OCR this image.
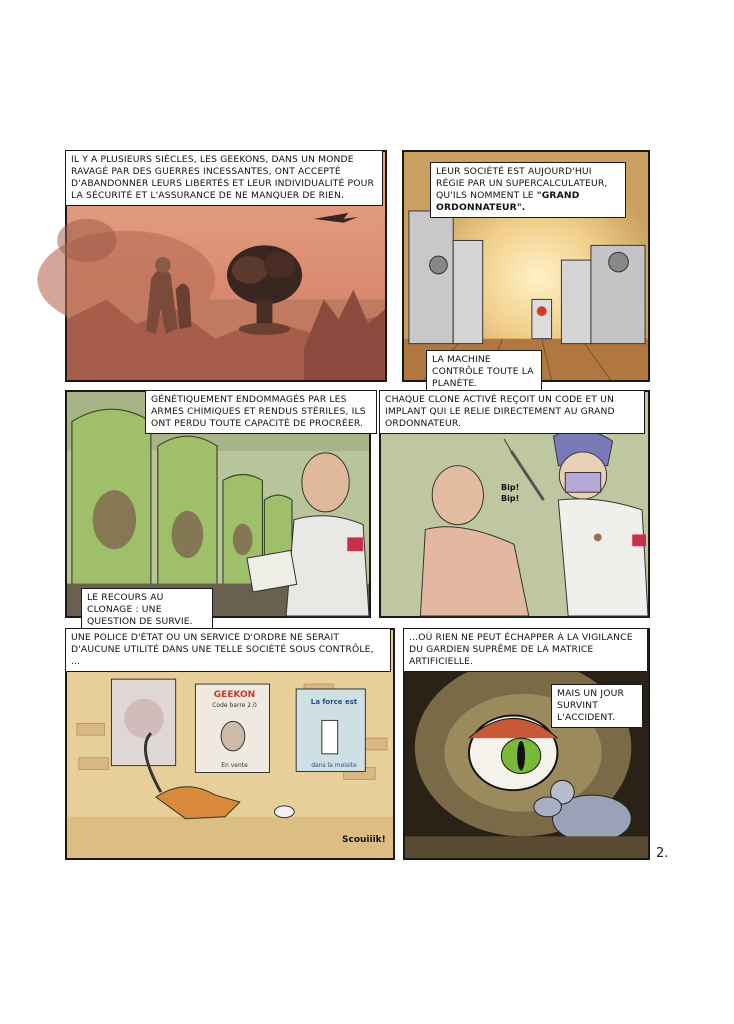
IL Y A PLUSIEURS SIÈCLES, LES GEEKONS, DANS UN MONDE RAVAGÉ PAR DES GUERRES INCESSANTES, ONT ACCEPTÉ D'ABANDONNER LEURS LIBERTÉS ET LEUR INDIVIDUALITÉ POUR LA SÉCURITÉ ET L'ASSURANCE DE NE MANQUER DE RIEN.
LEUR SOCIÉTÉ EST AUJOURD'HUI RÉGIE PAR UN SUPERCALCULATEUR, QU'ILS NOMMENT LE "GRAND ORDONNATEUR".
LA MACHINE CONTRÔLE TOUTE LA PLANÈTE.
GÉNÉTIQUEMENT ENDOMMAGÉS PAR LES ARMES CHIMIQUES ET RENDUS STÉRILES, ILS ONT PERDU TOUTE CAPACITÉ DE PROCRÉER.
LE RECOURS AU CLONAGE : UNE QUESTION DE SURVIE.
CHAQUE CLONE ACTIVÉ REÇOIT UN CODE ET UN IMPLANT QUI LE RELIE DIRECTEMENT AU GRAND ORDONNATEUR.
Bip! Bip!
UNE POLICE D'ÉTAT OU UN SERVICE D'ORDRE NE SERAIT D'AUCUNE UTILITÉ DANS UNE TELLE SOCIÉTÉ SOUS CONTRÔLE, ...
GEEKON
Code barre 2.0
En vente
La force est
dans la moisite
Scouiiik!
...OÙ RIEN NE PEUT ÉCHAPPER À LA VIGILANCE DU GARDIEN SUPRÊME DE LA MATRICE ARTIFICIELLE.
MAIS UN JOUR SURVINT L'ACCIDENT.
2.
